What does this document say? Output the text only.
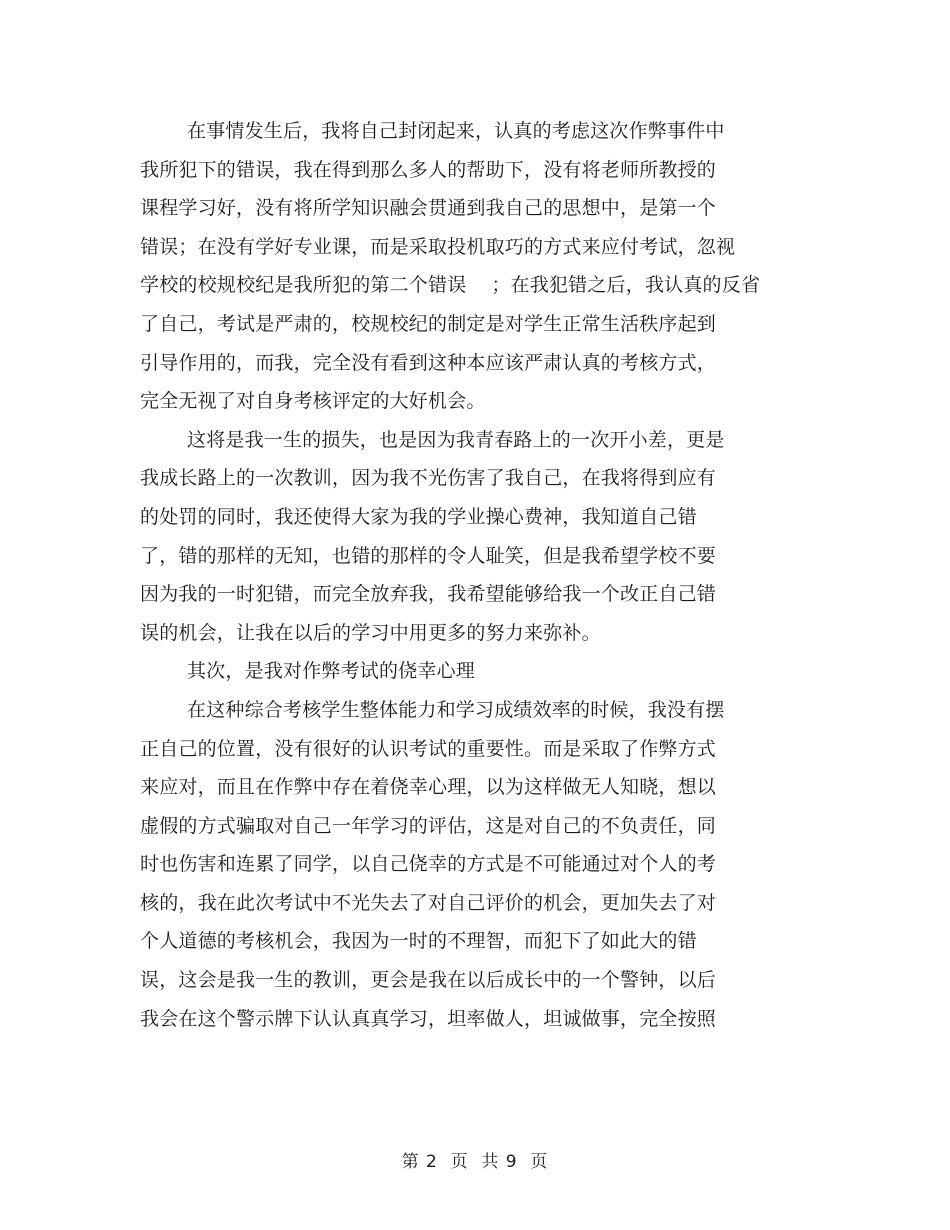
在事情发生后，我将自己封闭起来，认真的考虑这次作弊事件中
我所犯下的错误，我在得到那么多人的帮助下，没有将老师所教授的
课程学习好，没有将所学知识融会贯通到我自己的思想中，是第一个
错误；在没有学好专业课，而是采取投机取巧的方式来应付考试，忽视
学校的校规校纪是我所犯的第二个错误    ；在我犯错之后，我认真的反省
了自己，考试是严肃的，校规校纪的制定是对学生正常生活秩序起到
引导作用的，而我，完全没有看到这种本应该严肃认真的考核方式，
完全无视了对自身考核评定的大好机会。
这将是我一生的损失，也是因为我青春路上的一次开小差，更是
我成长路上的一次教训，因为我不光伤害了我自己，在我将得到应有
的处罚的同时，我还使得大家为我的学业操心费神，我知道自己错
了，错的那样的无知，也错的那样的令人耻笑，但是我希望学校不要
因为我的一时犯错，而完全放弃我，我希望能够给我一个改正自己错
误的机会，让我在以后的学习中用更多的努力来弥补。
其次，是我对作弊考试的侥幸心理
在这种综合考核学生整体能力和学习成绩效率的时候，我没有摆
正自己的位置，没有很好的认识考试的重要性。而是采取了作弊方式
来应对，而且在作弊中存在着侥幸心理，以为这样做无人知晓，想以
虚假的方式骗取对自己一年学习的评估，这是对自己的不负责任，同
时也伤害和连累了同学，以自己侥幸的方式是不可能通过对个人的考
核的，我在此次考试中不光失去了对自己评价的机会，更加失去了对
个人道德的考核机会，我因为一时的不理智，而犯下了如此大的错
误，这会是我一生的教训，更会是我在以后成长中的一个警钟，以后
我会在这个警示牌下认认真真学习，坦率做人，坦诚做事，完全按照
第 2  页  共 9  页
